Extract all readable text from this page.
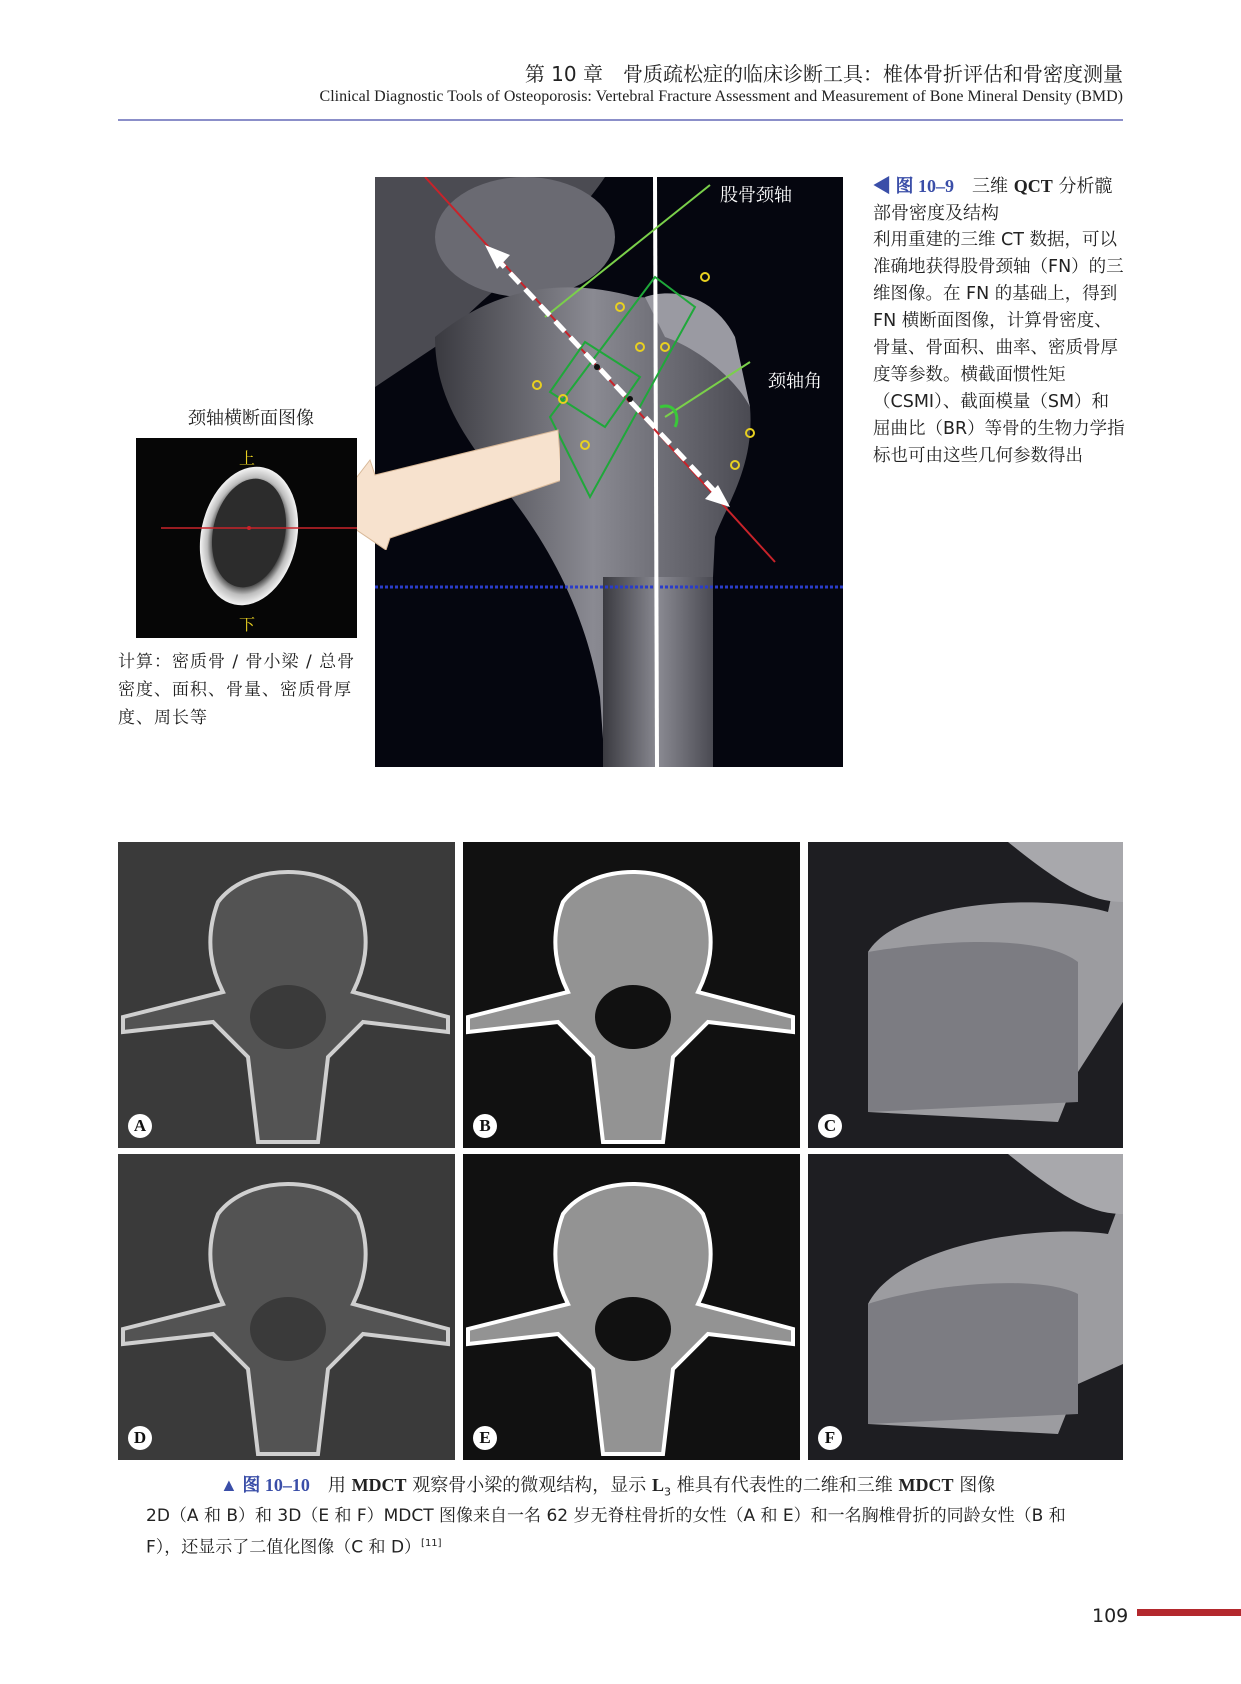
第 10 章　骨质疏松症的临床诊断工具：椎体骨折评估和骨密度测量
Clinical Diagnostic Tools of Osteoporosis: Vertebral Fracture Assessment and Measurement of Bone Mineral Density (BMD)
股骨颈轴
颈轴角
颈轴横断面图像
上
下
计算：密质骨 / 骨小梁 / 总骨密度、面积、骨量、密质骨厚度、周长等
◀ 图 10–9　三维 QCT 分析髋部骨密度及结构
利用重建的三维 CT 数据，可以准确地获得股骨颈轴（FN）的三维图像。在 FN 的基础上，得到 FN 横断面图像，计算骨密度、骨量、骨面积、曲率、密质骨厚度等参数。横截面惯性矩（CSMI）、截面模量（SM）和屈曲比（BR）等骨的生物力学指标也可由这些几何参数得出
A	B	C
D	E	F
▲ 图 10–10　用 MDCT 观察骨小梁的微观结构，显示 $L_3$ 椎具有代表性的二维和三维 MDCT 图像
2D（A 和 B）和 3D（E 和 F）MDCT 图像来自一名 62 岁无脊柱骨折的女性（A 和 E）和一名胸椎骨折的同龄女性（B 和 F），还显示了二值化图像（C 和 D）[11]
109
